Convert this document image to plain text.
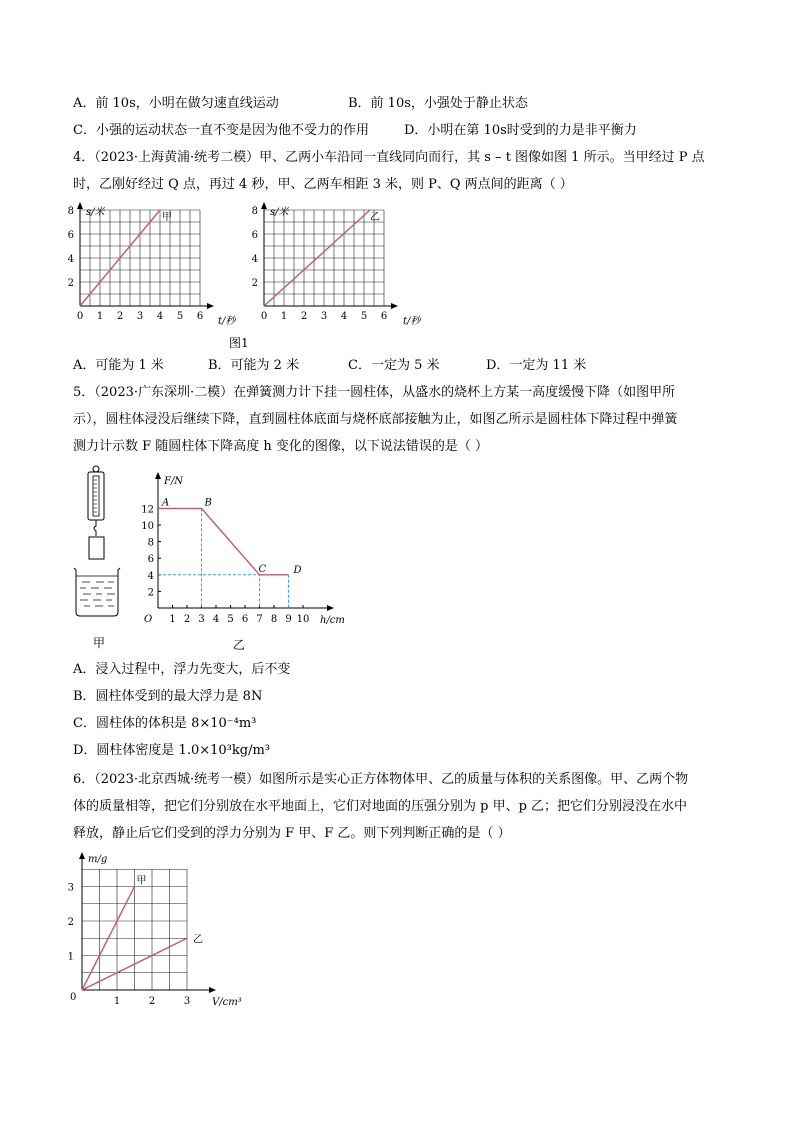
A．前 10s，小明在做匀速直线运动	B．前 10s，小强处于静止状态
C．小强的运动状态一直不变是因为他不受力的作用	D．小明在第 10s时受到的力是非平衡力
4．（2023·上海黄浦·统考二模）甲、乙两小车沿同一直线同向而行，其 s – t 图像如图 1 所示。当甲经过 P 点
时，乙刚好经过 Q 点，再过 4 秒，甲、乙两车相距 3 米，则 P、Q 两点间的距离（ ）
0 1 2 3 4 5 6
2
4
6
8 s/米	甲
t/秒	0 1 2 3 4 5 6
2
4
6
8 s/米	乙
t/秒
图1
A．可能为 1 米	B．可能为 2 米	C．一定为 5 米	D．一定为 11 米
5．（2023·广东深圳·二模）在弹簧测力计下挂一圆柱体，从盛水的烧杯上方某一高度缓慢下降（如图甲所
示），圆柱体浸没后继续下降，直到圆柱体底面与烧杯底部接触为止，如图乙所示是圆柱体下降过程中弹簧
测力计示数 F 随圆柱体下降高度 h 变化的图像，以下说法错误的是（ ）
甲
1 2 3 4 5 6 7 8 9 10
2
4
6
8
10
12
A	B
C	D
F/N
O	h/cm
乙
A．浸入过程中，浮力先变大，后不变
B．圆柱体受到的最大浮力是 8N
C．圆柱体的体积是 8×10⁻⁴m³
D．圆柱体密度是 1.0×10³kg/m³
6．（2023·北京西城·统考一模）如图所示是实心正方体物体甲、乙的质量与体积的关系图像。甲、乙两个物
体的质量相等，把它们分别放在水平地面上，它们对地面的压强分别为 p 甲、p 乙；把它们分别浸没在水中
释放，静止后它们受到的浮力分别为 F 甲、F 乙。则下列判断正确的是（ ）
1	2	3
1
2
3
m/g
0	V/cm³
甲
乙
